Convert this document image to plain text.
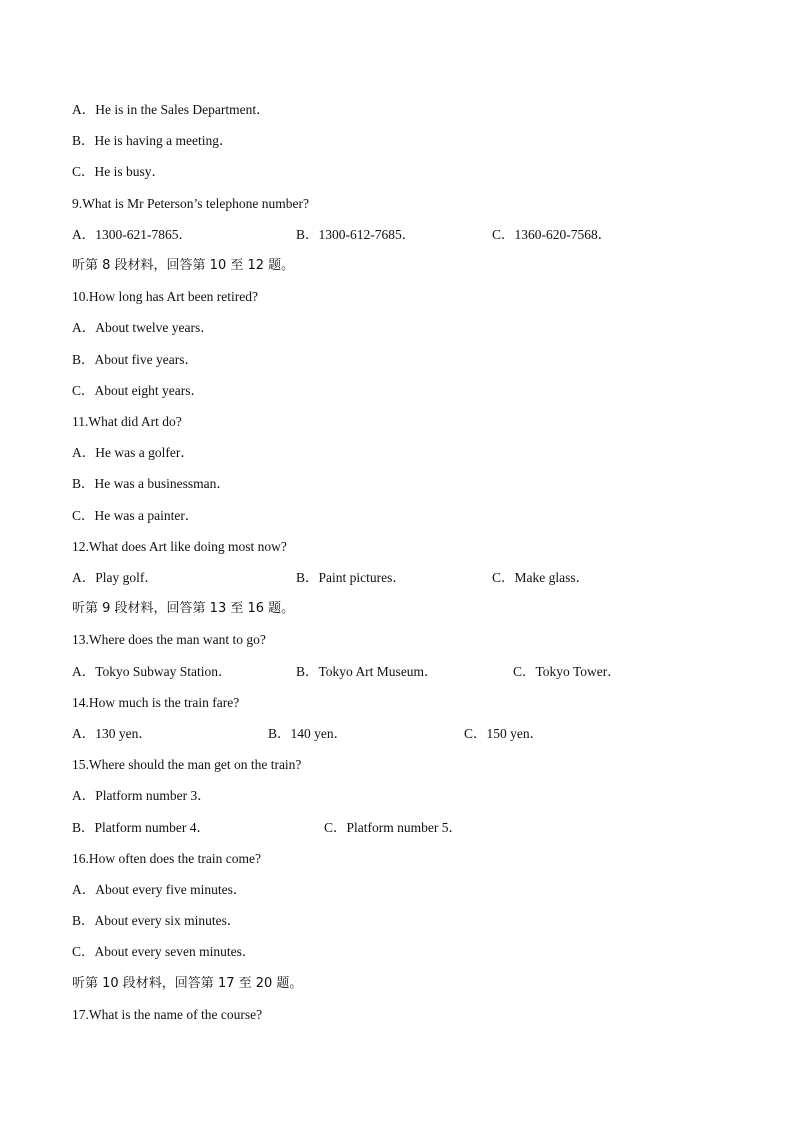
A．He is in the Sales Department．
B．He is having a meeting．
C．He is busy．
9.What is Mr Peterson’s telephone number?
A．1300-621-7865．	B．1300-612-7685．	C．1360-620-7568．
听第 8 段材料，回答第 10 至 12 题。
10.How long has Art been retired?
A．About twelve years．
B．About five years．
C．About eight years．
11.What did Art do?
A．He was a golfer．
B．He was a businessman．
C．He was a painter．
12.What does Art like doing most now?
A．Play golf．	B．Paint pictures．	C．Make glass．
听第 9 段材料，回答第 13 至 16 题。
13.Where does the man want to go?
A．Tokyo Subway Station．	B．Tokyo Art Museum．	C．Tokyo Tower．
14.How much is the train fare?
A．130 yen．	B．140 yen．	C．150 yen．
15.Where should the man get on the train?
A．Platform number 3．
B．Platform number 4．	C．Platform number 5．
16.How often does the train come?
A．About every five minutes．
B．About every six minutes．
C．About every seven minutes．
听第 10 段材料，回答第 17 至 20 题。
17.What is the name of the course?
